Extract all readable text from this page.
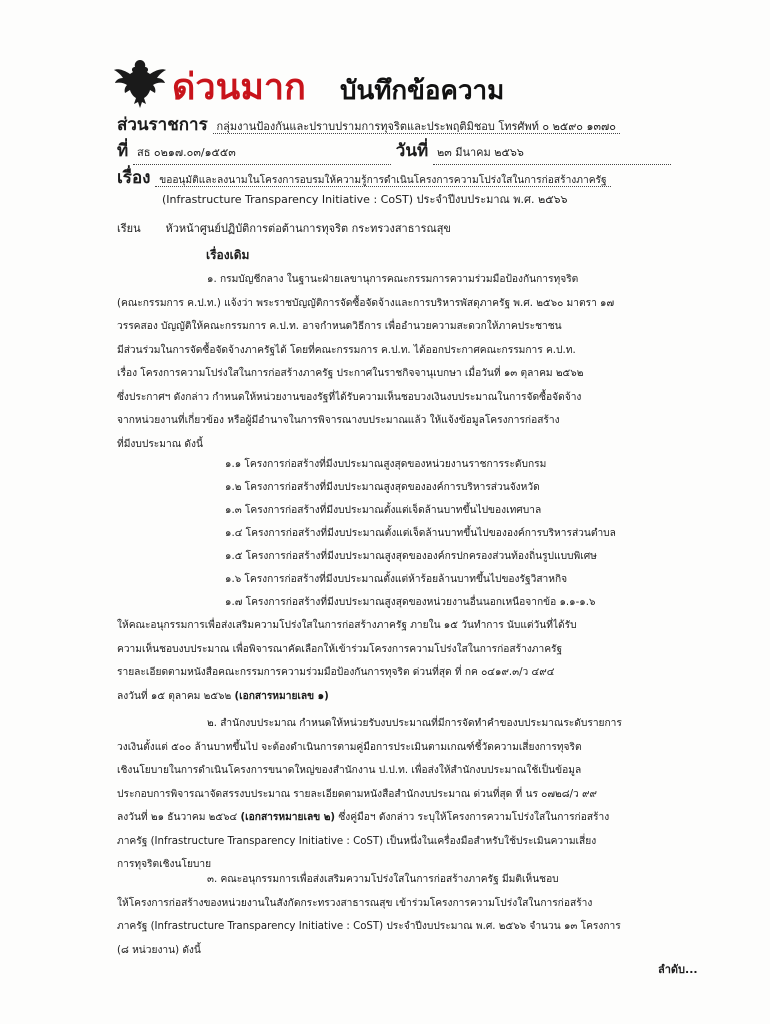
ด่วนมาก บันทึกข้อความ
ส่วนราชการ กลุ่มงานป้องกันและปราบปรามการทุจริตและประพฤติมิชอบ โทรศัพท์ ๐ ๒๕๙๐ ๑๓๗๐
ที่ สธ ๐๒๑๗.๐๓/๑๕๕๓	วันที่ ๒๓ มีนาคม ๒๕๖๖
เรื่อง ขออนุมัติและลงนามในโครงการอบรมให้ความรู้การดำเนินโครงการความโปร่งใสในการก่อสร้างภาครัฐ
(Infrastructure Transparency Initiative : CoST) ประจำปีงบประมาณ พ.ศ. ๒๕๖๖
เรียน หัวหน้าศูนย์ปฏิบัติการต่อต้านการทุจริต กระทรวงสาธารณสุข
เรื่องเดิม
๑. กรมบัญชีกลาง ในฐานะฝ่ายเลขานุการคณะกรรมการความร่วมมือป้องกันการทุจริต
(คณะกรรมการ ค.ป.ท.) แจ้งว่า พระราชบัญญัติการจัดซื้อจัดจ้างและการบริหารพัสดุภาครัฐ พ.ศ. ๒๕๖๐ มาตรา ๑๗
วรรคสอง บัญญัติให้คณะกรรมการ ค.ป.ท. อาจกำหนดวิธีการ เพื่ออำนวยความสะดวกให้ภาคประชาชน
มีส่วนร่วมในการจัดซื้อจัดจ้างภาครัฐได้ โดยที่คณะกรรมการ ค.ป.ท. ได้ออกประกาศคณะกรรมการ ค.ป.ท.
เรื่อง โครงการความโปร่งใสในการก่อสร้างภาครัฐ ประกาศในราชกิจจานุเบกษา เมื่อวันที่ ๑๓ ตุลาคม ๒๕๖๒
ซึ่งประกาศฯ ดังกล่าว กำหนดให้หน่วยงานของรัฐที่ได้รับความเห็นชอบวงเงินงบประมาณในการจัดซื้อจัดจ้าง
จากหน่วยงานที่เกี่ยวข้อง หรือผู้มีอำนาจในการพิจารณางบประมาณแล้ว ให้แจ้งข้อมูลโครงการก่อสร้าง
ที่มีงบประมาณ ดังนี้
๑.๑ โครงการก่อสร้างที่มีงบประมาณสูงสุดของหน่วยงานราชการระดับกรม
๑.๒ โครงการก่อสร้างที่มีงบประมาณสูงสุดขององค์การบริหารส่วนจังหวัด
๑.๓ โครงการก่อสร้างที่มีงบประมาณตั้งแต่เจ็ดล้านบาทขึ้นไปของเทศบาล
๑.๔ โครงการก่อสร้างที่มีงบประมาณตั้งแต่เจ็ดล้านบาทขึ้นไปขององค์การบริหารส่วนตำบล
๑.๕ โครงการก่อสร้างที่มีงบประมาณสูงสุดขององค์กรปกครองส่วนท้องถิ่นรูปแบบพิเศษ
๑.๖ โครงการก่อสร้างที่มีงบประมาณตั้งแต่ห้าร้อยล้านบาทขึ้นไปของรัฐวิสาหกิจ
๑.๗ โครงการก่อสร้างที่มีงบประมาณสูงสุดของหน่วยงานอื่นนอกเหนือจากข้อ ๑.๑-๑.๖
ให้คณะอนุกรรมการเพื่อส่งเสริมความโปร่งใสในการก่อสร้างภาครัฐ ภายใน ๑๕ วันทำการ นับแต่วันที่ได้รับ
ความเห็นชอบงบประมาณ เพื่อพิจารณาคัดเลือกให้เข้าร่วมโครงการความโปร่งใสในการก่อสร้างภาครัฐ
รายละเอียดตามหนังสือคณะกรรมการความร่วมมือป้องกันการทุจริต ด่วนที่สุด ที่ กค ๐๔๑๙.๓/ว ๔๙๔
ลงวันที่ ๑๕ ตุลาคม ๒๕๖๒ (เอกสารหมายเลข ๑)
๒. สำนักงบประมาณ กำหนดให้หน่วยรับงบประมาณที่มีการจัดทำคำของบประมาณระดับรายการ
วงเงินตั้งแต่ ๕๐๐ ล้านบาทขึ้นไป จะต้องดำเนินการตามคู่มือการประเมินตามเกณฑ์ชี้วัดความเสี่ยงการทุจริต
เชิงนโยบายในการดำเนินโครงการขนาดใหญ่ของสำนักงาน ป.ป.ท. เพื่อส่งให้สำนักงบประมาณใช้เป็นข้อมูล
ประกอบการพิจารณาจัดสรรงบประมาณ รายละเอียดตามหนังสือสำนักงบประมาณ ด่วนที่สุด ที่ นร ๐๗๒๘/ว ๙๙
ลงวันที่ ๒๑ ธันวาคม ๒๕๖๔ (เอกสารหมายเลข ๒) ซึ่งคู่มือฯ ดังกล่าว ระบุให้โครงการความโปร่งใสในการก่อสร้าง
ภาครัฐ (Infrastructure Transparency Initiative : CoST) เป็นหนึ่งในเครื่องมือสำหรับใช้ประเมินความเสี่ยง
การทุจริตเชิงนโยบาย
๓. คณะอนุกรรมการเพื่อส่งเสริมความโปร่งใสในการก่อสร้างภาครัฐ มีมติเห็นชอบ
ให้โครงการก่อสร้างของหน่วยงานในสังกัดกระทรวงสาธารณสุข เข้าร่วมโครงการความโปร่งใสในการก่อสร้าง
ภาครัฐ (Infrastructure Transparency Initiative : CoST) ประจำปีงบประมาณ พ.ศ. ๒๕๖๖ จำนวน ๑๓ โครงการ
(๘ หน่วยงาน) ดังนี้
ลำดับ...
